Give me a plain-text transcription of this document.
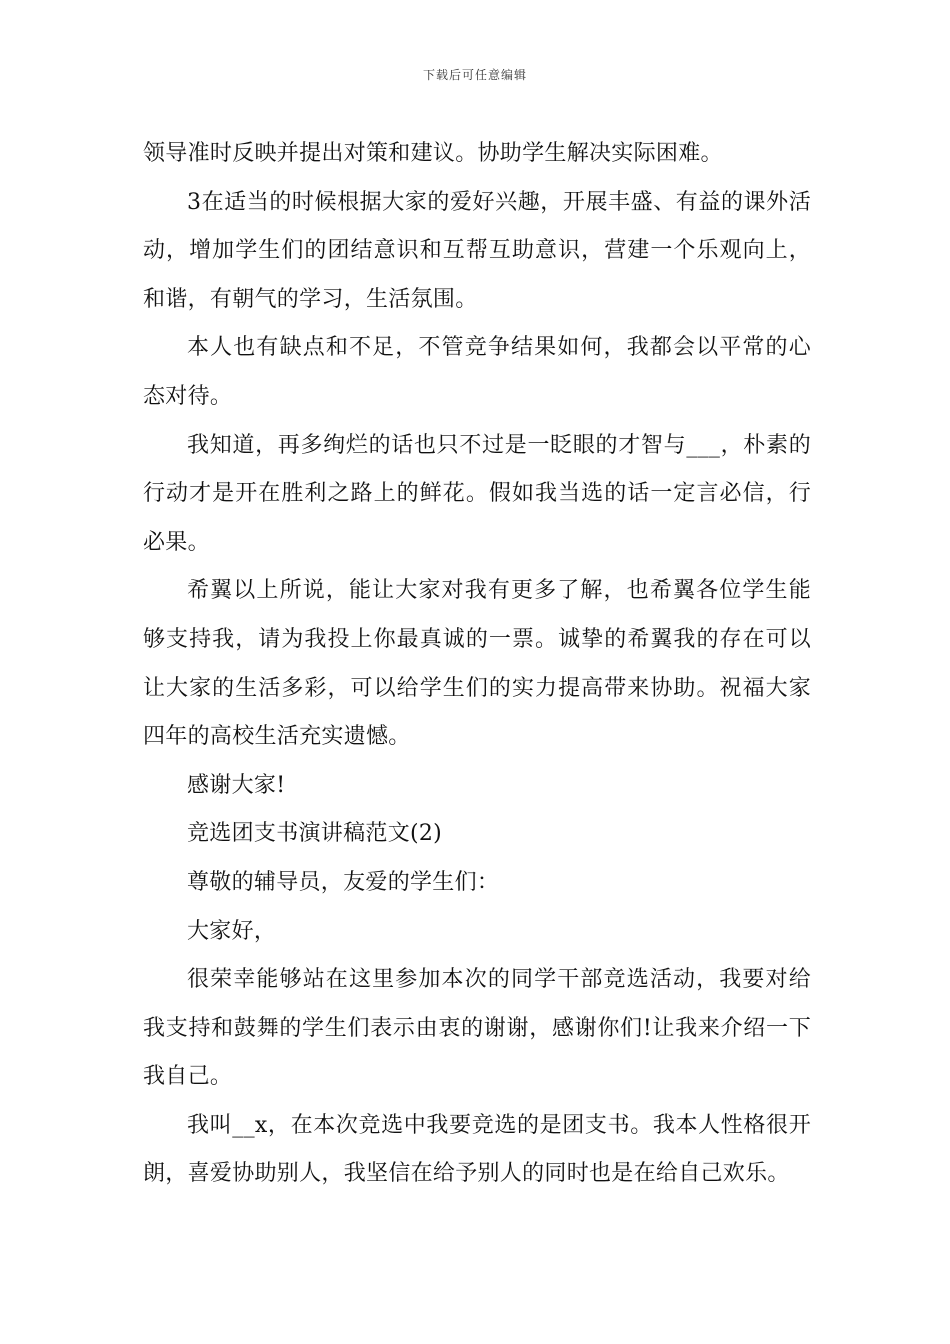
下载后可任意编辑

领导准时反映并提出对策和建议。协助学生解决实际困难。

3在适当的时候根据大家的爱好兴趣，开展丰盛、有益的课外活动，增加学生们的团结意识和互帮互助意识，营建一个乐观向上，和谐，有朝气的学习，生活氛围。

本人也有缺点和不足，不管竞争结果如何，我都会以平常的心态对待。

我知道，再多绚烂的话也只不过是一眨眼的才智与___，朴素的行动才是开在胜利之路上的鲜花。假如我当选的话一定言必信，行必果。

希翼以上所说，能让大家对我有更多了解，也希翼各位学生能够支持我，请为我投上你最真诚的一票。诚挚的希翼我的存在可以让大家的生活多彩，可以给学生们的实力提高带来协助。祝福大家四年的高校生活充实遗憾。

感谢大家!

竞选团支书演讲稿范文(2)

尊敬的辅导员，友爱的学生们：

大家好，

很荣幸能够站在这里参加本次的同学干部竞选活动，我要对给我支持和鼓舞的学生们表示由衷的谢谢，感谢你们!让我来介绍一下我自己。

我叫__x，在本次竞选中我要竞选的是团支书。我本人性格很开朗，喜爱协助别人，我坚信在给予别人的同时也是在给自己欢乐。
